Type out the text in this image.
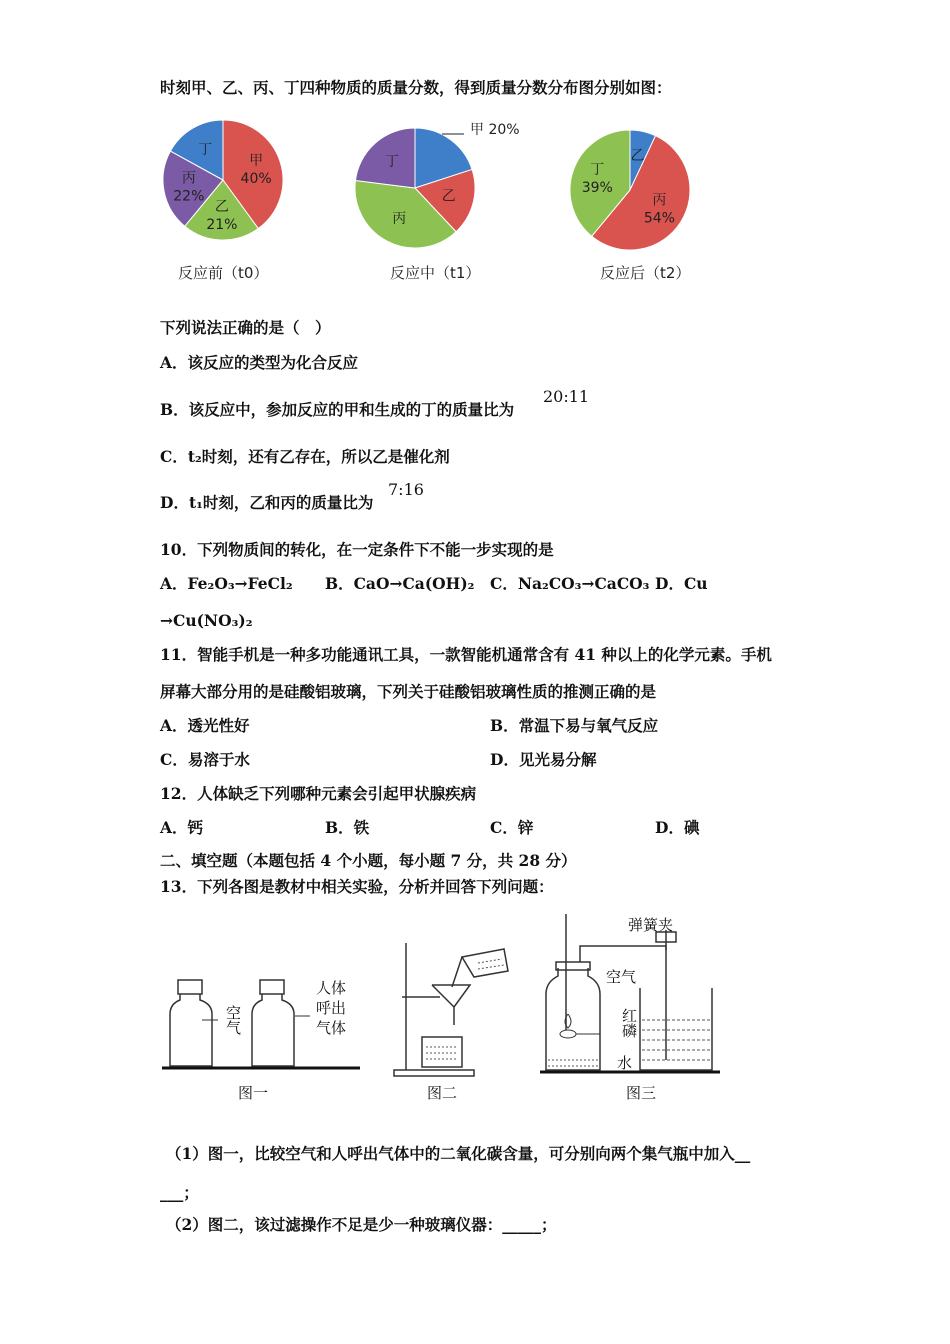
时刻甲、乙、丙、丁四种物质的质量分数，得到质量分数分布图分别如图：
甲
40%
乙
21%
丙
22%
丁
反应前（t0）
甲 20%
乙
丙
丁
反应中（t1）
乙
丙
54%
丁
39%
反应后（t2）
下列说法正确的是（　）
A．该反应的类型为化合反应
B．该反应中，参加反应的甲和生成的丁的质量比为
20:11
C．t₂时刻，还有乙存在，所以乙是催化剂
D．t₁时刻，乙和丙的质量比为
7:16
10．下列物质间的转化，在一定条件下不能一步实现的是
A．Fe₂O₃→FeCl₂ B．CaO→Ca(OH)₂ C．Na₂CO₃→CaCO₃ D．Cu
→Cu(NO₃)₂
11．智能手机是一种多功能通讯工具，一款智能机通常含有 41 种以上的化学元素。手机
屏幕大部分用的是硅酸铝玻璃，下列关于硅酸铝玻璃性质的推测正确的是
A．透光性好	B．常温下易与氧气反应
C．易溶于水	D．见光易分解
12．人体缺乏下列哪种元素会引起甲状腺疾病
A．钙	B．铁	C．锌	D．碘
二、填空题（本题包括 4 个小题，每小题 7 分，共 28 分）
13．下列各图是教材中相关实验，分析并回答下列问题：
空气
人体呼出气体
图一	图二
弹簧夹
空气
红磷
水
图三
（1）图一，比较空气和人呼出气体中的二氧化碳含量，可分别向两个集气瓶中加入__
___；
（2）图二，该过滤操作不足是少一种玻璃仪器：_____；
